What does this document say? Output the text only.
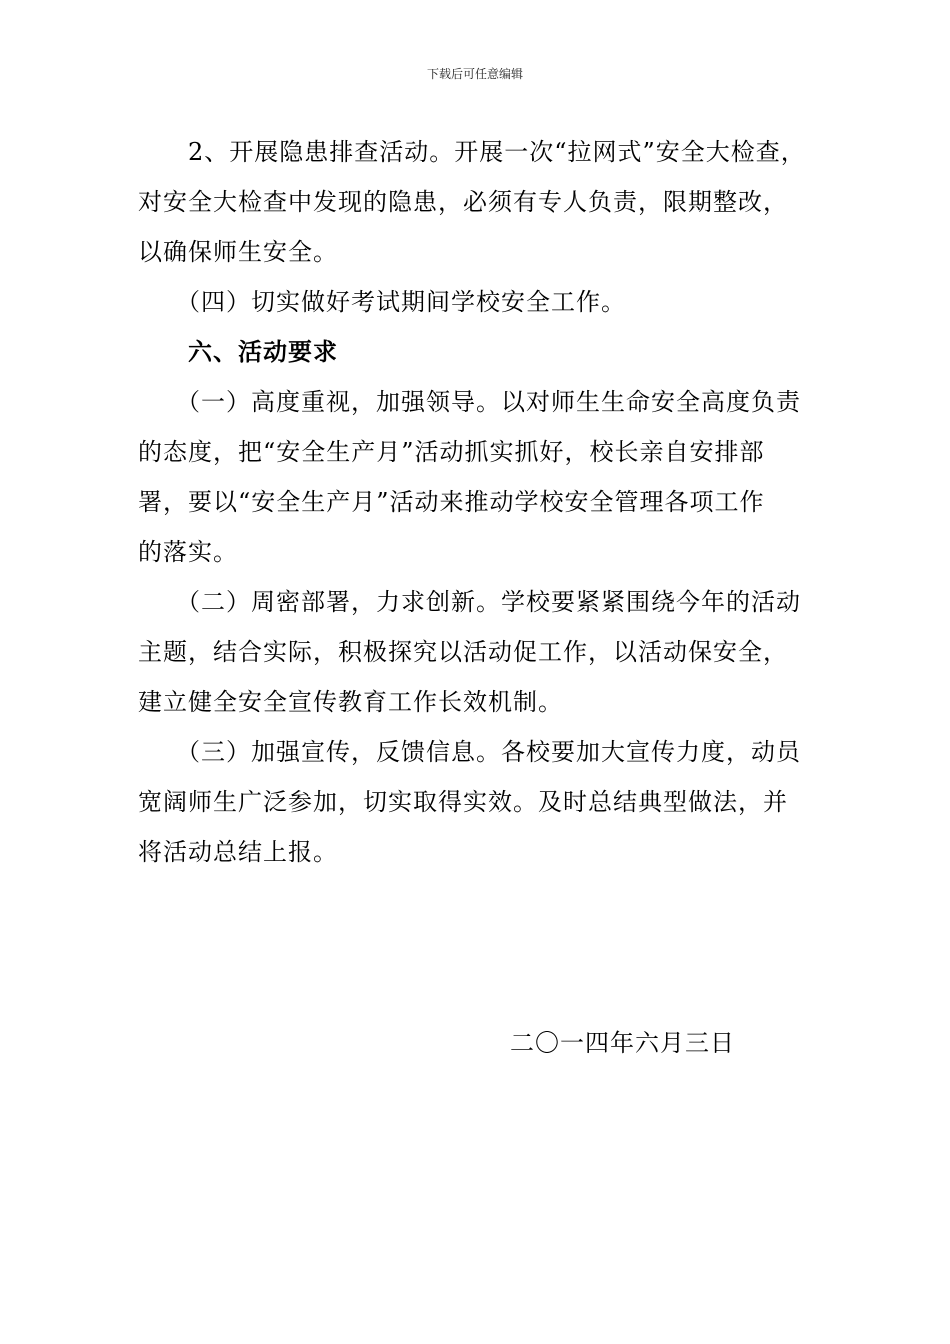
下载后可任意编辑
2、开展隐患排查活动。开展一次“拉网式”安全大检查，
对安全大检查中发现的隐患，必须有专人负责，限期整改，
以确保师生安全。
（四）切实做好考试期间学校安全工作。
六、活动要求
（一）高度重视，加强领导。以对师生生命安全高度负责
的态度，把“安全生产月”活动抓实抓好，校长亲自安排部
署，要以“安全生产月”活动来推动学校安全管理各项工作
的落实。
（二）周密部署，力求创新。学校要紧紧围绕今年的活动
主题，结合实际，积极探究以活动促工作，以活动保安全，
建立健全安全宣传教育工作长效机制。
（三）加强宣传，反馈信息。各校要加大宣传力度，动员
宽阔师生广泛参加，切实取得实效。及时总结典型做法，并
将活动总结上报。
二〇一四年六月三日
